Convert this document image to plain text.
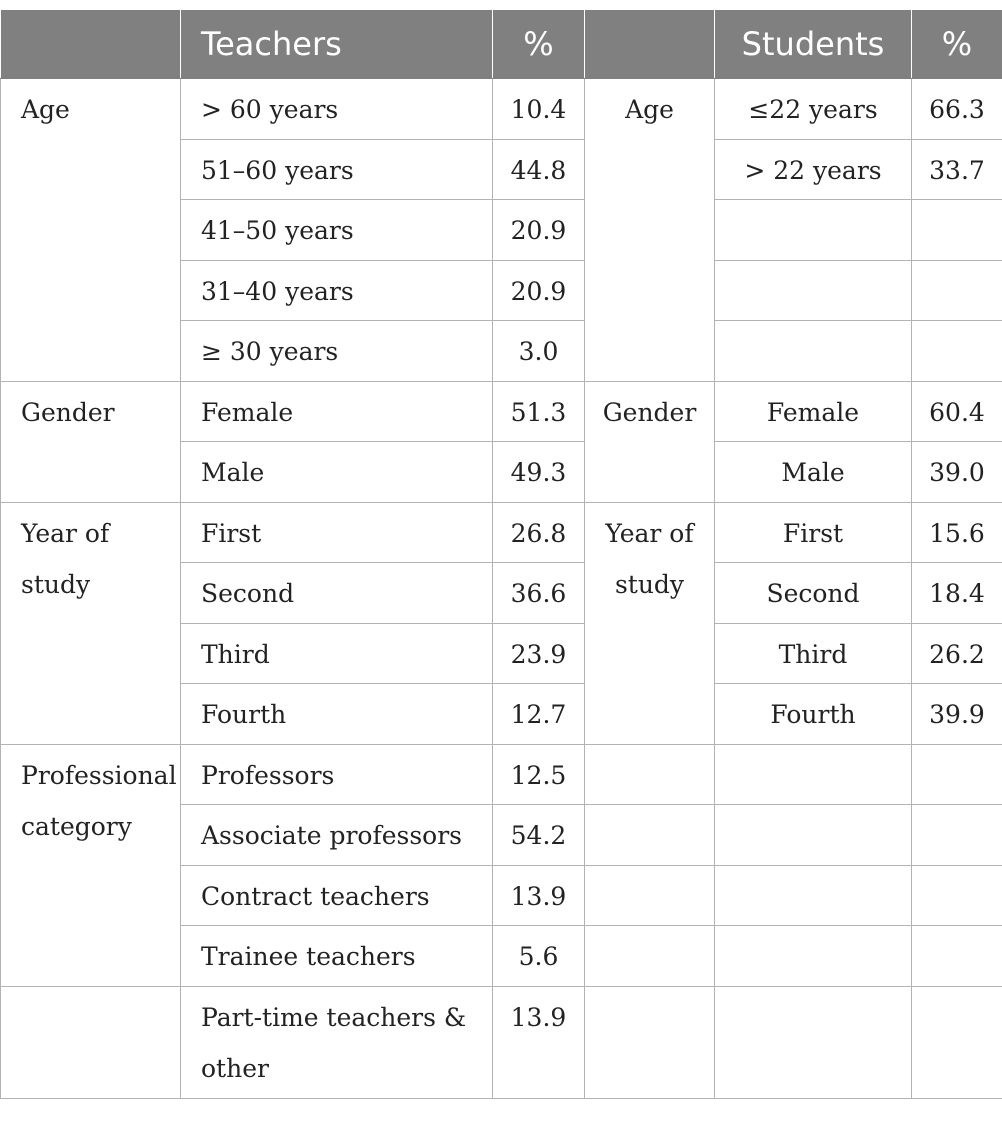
	Teachers	%		Students	%
Age	> 60 years	10.4	Age	≤22 years	66.3
	51–60 years	44.8		> 22 years	33.7
	41–50 years	20.9			
	31–40 years	20.9			
	≥ 30 years	3.0			
Gender	Female	51.3	Gender	Female	60.4
	Male	49.3		Male	39.0
Year of study	First	26.8	Year of study	First	15.6
	Second	36.6		Second	18.4
	Third	23.9		Third	26.2
	Fourth	12.7		Fourth	39.9
Professional category	Professors	12.5			
	Associate professors	54.2			
	Contract teachers	13.9			
	Trainee teachers	5.6			
	Part-time teachers & other	13.9			
